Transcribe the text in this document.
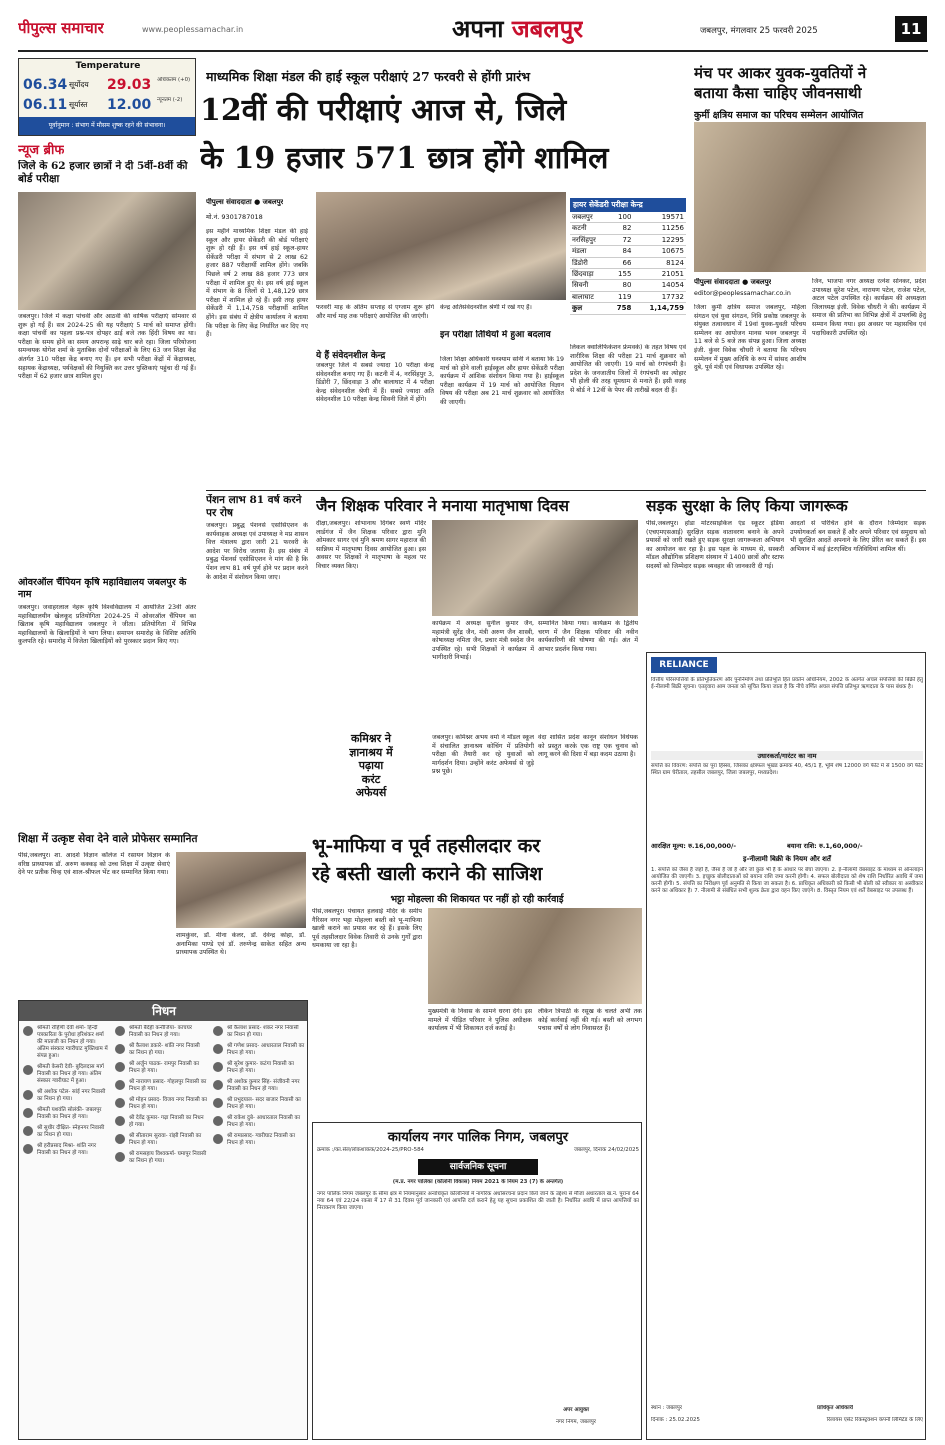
पीपुल्स समाचार	www.peoplessamachar.in	अपना जबलपुर	जबलपुर, मंगलवार 25 फरवरी 2025	11
Temperature
06.34 सूर्योदय 29.03 अधिकतम (+0)
06.11 सूर्यास्त 12.00 न्यूनतम (-2)
पूर्वानुमान : संभाग में मौसम शुष्क रहने की संभावना।
न्यूज ब्रीफ
जिले के 62 हजार छात्रों ने दी 5वीं-8वीं की बोर्ड परीक्षा
जबलपुर। जिले में कक्षा पांचवीं और आठवीं की वार्षिक परीक्षाएं सोमवार से शुरू हो गईं हैं। सत्र 2024-25 की यह परीक्षाएं 5 मार्च को समाप्त होंगी। कक्षा पांचवीं का पहला प्रश्न-पत्र दोपहर ढाई बजे तक हिंदी विषय का था। परीक्षा के समय होने का समय अपरान्ह साढ़े चार बजे रहा। जिला परियोजना समन्वयक योगेश शर्मा के मुताबिक दोनों परीक्षाओं के लिए 63 जन शिक्षा केंद्र अंतर्गत 310 परीक्षा केंद्र बनाए गए हैं। इन सभी परीक्षा केंद्रों में केंद्राध्यक्ष, सहायक केंद्राध्यक्ष, पर्यवेक्षकों की नियुक्ति कर उत्तर पुस्तिकाएं पहुंचा दी गई हैं। परीक्षा में 62 हजार छात्र शामिल हुए।
ओवरऑल चैंपियन कृषि महाविद्यालय जबलपुर के नाम
जबलपुर। जवाहरलाल नेहरू कृषि विश्वविद्यालय में आयोजित 23वीं अंतर महाविद्यालयीन खेलकूद प्रतियोगिता 2024-25 में ओवरऑल चैंपियन का खिताब कृषि महाविद्यालय जबलपुर ने जीता। प्रतियोगिता में विभिन्न महाविद्यालयों के खिलाड़ियों ने भाग लिया। समापन समारोह के विशिष्ट अतिथि कुलपति रहे। समारोह में विजेता खिलाड़ियों को पुरस्कार प्रदान किए गए।
माध्यमिक शिक्षा मंडल की हाई स्कूल परीक्षाएं 27 फरवरी से होंगी प्रारंभ
12वीं की परीक्षाएं आज से, जिले
के 19 हजार 571 छात्र होंगे शामिल
पीपुल्स संवाददाता ● जबलपुर
मो.नं. 9301787018
इस महीने माध्यमिक शिक्षा मंडल की हाई स्कूल और हायर सेकेंडरी की बोर्ड परीक्षाएं शुरू हो रही हैं। इस वर्ष हाई स्कूल-हायर सेकेंडरी परीक्षा में संभाग से 2 लाख 62 हजार 887 परीक्षार्थी शामिल होंगे। जबकि पिछले वर्ष 2 लाख 88 हजार 773 छात्र परीक्षा में शामिल हुए थे। इस वर्ष हाई स्कूल में संभाग के 8 जिलों से 1,48,129 छात्र परीक्षा में शामिल हो रहे हैं। इसी तरह हायर सेकेंडरी में 1,14,758 परीक्षार्थी शामिल होंगे। इस संबंध में क्षेत्रीय कार्यालय ने बताया कि परीक्षा के लिए केंद्र निर्धारित कर दिए गए हैं।
फरवरी माह के अंतिम सप्ताह से एग्जाम शुरू होंगे और मार्च माह तक परीक्षाएं आयोजित की जाएंगी।
ये हैं संवेदनशील केन्द्र
जबलपुर जिले में सबसे ज्यादा 10 परीक्षा केन्द्र संवेदनशील बनाए गए हैं। कटनी में 4, नरसिंहपुर 3, डिंडोरी 7, छिंदवाड़ा 3 और बालाघाट में 4 परीक्षा केन्द्र संवेदनशील श्रेणी में हैं। सबसे ज्यादा अति संवेदनशील 10 परीक्षा केन्द्र सिवनी जिले में होंगे।
केन्द्र अतिसंवेदनशील श्रेणी में रखे गए हैं।
इन परीक्षा तिथियों में हुआ बदलाव
जिला शिक्षा अधिकारी घनश्याम सोनी ने बताया कि 19 मार्च को होने वाली हाईस्कूल और हायर सेकेंडरी परीक्षा कार्यक्रम में आंशिक संशोधन किया गया है। हाईस्कूल परीक्षा कार्यक्रम में 19 मार्च को आयोजित विज्ञान विषय की परीक्षा अब 21 मार्च शुक्रवार को आयोजित की जाएगी।
पेंशन लाभ 81 वर्ष करने पर रोष
जबलपुर। प्रबुद्ध पेंशनर्स एसोसिएशन के कार्यवाहक अध्यक्ष एवं उपाध्यक्ष ने मप्र शासन वित्त मंत्रालय द्वारा जारी 21 फरवरी के आदेश पर विरोध जताया है। इस संबंध में प्रबुद्ध पेंशनर्स एसोसिएशन ने मांग की है कि पेंशन लाभ 81 वर्ष पूर्ण होने पर प्रदान करने के आदेश में संशोधन किया जाए।
हायर सेकेंडरी परीक्षा केन्द्र
जबलपुर	100	19571
कटनी	82	11256
नरसिंहपुर	72	12295
मंडला	84	10675
डिंडोरी	66	8124
छिंदवाड़ा	155	21051
सिवनी	80	14054
बालाघाट	119	17732
कुल	758	1,14,759
लिंकल क्वालिफिकेशन फ्रेमवर्क) के तहत विषय एवं शारीरिक शिक्षा की परीक्षा 21 मार्च शुक्रवार को आयोजित की जाएगी। 19 मार्च को रंगपंचमी है। प्रदेश के जनजातीय जिलों में रंगपंचमी का त्योहार भी होली की तरह धूमधाम से मनाते हैं। इसी वजह से बोर्ड ने 12वीं के पेपर की तारीखें बदल दी हैं।
मंच पर आकर युवक-युवतियों ने
बताया कैसा चाहिए जीवनसाथी
कुर्मी क्षत्रिय समाज का परिचय सम्मेलन आयोजित
पीपुल्स संवाददाता ● जबलपुर
editor@peoplessamachar.co.in
जिला कुर्मी क्षत्रिय समाज जबलपुर, महिला संगठन एवं युवा संगठन, निवि प्रकोष्ठ जबलपुर के संयुक्त तत्वावधान में 19वां युवक-युवती परिचय सम्मेलन का आयोजन मानस भवन जबलपुर में 11 बजे से 5 बजे तक संपन्न हुआ। जिला अध्यक्ष इंजी. कुंवर विवेक चौधरी ने बताया कि परिचय सम्मेलन में मुख्य अतिथि के रूप में सांसद आशीष दुबे, पूर्व मंत्री एवं विधायक उपस्थित रहे।
जिन, भाजपा नगर अध्यक्ष रत्नेश सोनकर, प्रदेश उपाध्यक्ष सुरेश पटेल, नारायण पटेल, राजेश पटेल, अटल पटेल उपस्थित रहे। कार्यक्रम की अध्यक्षता जिलाध्यक्ष इंजी. विवेक चौधरी ने की। कार्यक्रम में समाज की प्रतिभा का विभिन्न क्षेत्रों में उपलब्धि हेतु सम्मान किया गया। इस अवसर पर महासचिव एवं पदाधिकारी उपस्थित रहे।
जैन शिक्षक परिवार ने मनाया मातृभाषा दिवस
दीक्षा,जबलपुर। शोभानाथ दिगंबर स्वर्ण मंदिर लार्डगंज में जैन शिक्षक परिवार द्वारा मुनि ओमकार सागर एवं मुनि श्रमण सागर महाराज की सान्निध्य में मातृभाषा दिवस आयोजित हुआ। इस अवसर पर शिक्षकों ने मातृभाषा के महत्व पर विचार व्यक्त किए।
कार्यक्रम में अध्यक्ष सुनील कुमार जैन, महामंत्री सुरेंद्र जैन, मंत्री अरुण जैन शास्त्री, कोषाध्यक्ष नमिता जैन, प्रचार मंत्री स्वदेश जैन उपस्थित रहे। सभी शिक्षकों ने कार्यक्रम में भागीदारी निभाई।
सम्मानित किया गया। कार्यक्रम के द्वितीय चरण में जैन शिक्षक परिवार की नवीन कार्यकारिणी की घोषणा की गई। अंत में आभार प्रदर्शन किया गया।
कमिश्नर ने
ज्ञानाश्रय में
पढ़ाया
करंट
अफेयर्स
जबलपुर। कमिश्नर अभय वर्मा ने मॉडल स्कूल में संचालित ज्ञानाश्रय कोचिंग में प्रतियोगी परीक्षा की तैयारी कर रहे युवाओं को मार्गदर्शन दिया। उन्होंने करंट अफेयर्स से जुड़े प्रश्न पूछे।
वेदा शासित प्रदेश कानून संशोधन विधेयक को प्रस्तुत करके एक राष्ट्र एक चुनाव को लागू करने की दिशा में बड़ा कदम उठाया है।
सड़क सुरक्षा के लिए किया जागरूक
पीसं,जबलपुर। होंडा मोटरसाइकिल एंड स्कूटर इंडिया (एचएमएसआई) सुरक्षित सड़क वातावरण बनाने के अपने प्रयासों को जारी रखते हुए सड़क सुरक्षा जागरूकता अभियान का आयोजन कर रहा है। इस पहल के माध्यम से, सस्करी मॉडल औद्योगिक प्रशिक्षण संस्थान में 1400 छात्रों और स्टाफ सदस्यों को जिम्मेदार सड़क व्यवहार की जानकारी दी गई।
आदतों से परिचित होने के दौरान जिम्मेदार सड़क उपयोगकर्ता बन सकते हैं और अपने परिवार एवं समुदाय को भी सुरक्षित आदतें अपनाने के लिए प्रेरित कर सकते हैं। इस अभियान में कई इंटरएक्टिव गतिविधियां शामिल थीं।
RELIANCE
वित्तीय परिसंपत्तियों के प्रतिभूतिकरण और पुनर्निर्माण तथा प्रतिभूति हित प्रवर्तन अधिनियम, 2002 के अंतर्गत अचल संपत्तियों की बिक्री हेतु ई-नीलामी बिक्री सूचना। एतद्द्वारा आम जनता को सूचित किया जाता है कि नीचे वर्णित अचल संपत्ति प्रतिभूत ऋणदाता के पास बंधक है।
उधारकर्ता/गारंटर का नाम
संपत्ति का विवरण: संपत्ति का पूरा हिस्सा, जिसका क्षेत्रफल भूखंड क्रमांक 40, 45/1 हैं, भूमि शेष 12000 वर्ग फीट में से 1500 वर्ग फीट स्थित ग्राम चेरीताल, तहसील जबलपुर, जिला जबलपुर, मध्यप्रदेश।
आरक्षित मूल्य: रु.16,00,000/-	बयाना राशि: रु.1,60,000/-
इ-नीलामी बिक्री के नियम और शर्तें
1. संपत्ति को जैसा है जहाँ है, जैसा है जो है और जो कुछ भी है के आधार पर बेचा जाएगा। 2. ई-नीलामी वेबसाइट के माध्यम से ऑनलाइन आयोजित की जाएगी। 3. इच्छुक बोलीदाताओं को बयाना राशि जमा करनी होगी। 4. सफल बोलीदाता को शेष राशि निर्धारित अवधि में जमा करनी होगी। 5. संपत्ति का निरीक्षण पूर्व अनुमति से किया जा सकता है। 6. प्राधिकृत अधिकारी को किसी भी बोली को स्वीकार या अस्वीकार करने का अधिकार है। 7. नीलामी से संबंधित सभी शुल्क क्रेता द्वारा वहन किए जाएंगे। 8. विस्तृत नियम एवं शर्तें वेबसाइट पर उपलब्ध हैं।
स्थान : जबलपुर
दिनांक : 25.02.2025
प्राधिकृत अधिकारी
रिलायंस एसेट रिकंस्ट्रक्शन कंपनी लिमिटेड के लिए
शिक्षा में उत्कृष्ट सेवा देने वाले प्रोफेसर सम्मानित
पीसं,जबलपुर। शा. आदर्श विज्ञान कॉलेज में रसायन विज्ञान के वरिष्ठ प्राध्यापक डॉ. अरुण कक्कड़ को उच्च शिक्षा में उत्कृष्ट सेवाएं देने पर प्रतीक चिन्ह एवं शाल-श्रीफल भेंट कर सम्मानित किया गया।
शामकुंवर, डॉ. मीना केलर, डॉ. देवेन्द्र कोहा, डॉ. अनामिका पाण्डे एवं डॉ. तरुणेन्द्र साकेत सहित अन्य प्राध्यापक उपस्थित थे।
भू-माफिया व पूर्व तहसीलदार कर
रहे बस्ती खाली कराने की साजिश
भट्टा मोहल्ला की शिकायत पर नहीं हो रही कार्रवाई
पीसं,जबलपुर। पंचायत हलवाई मंदिर के समीप गैरिसन नगर भट्टा मोहल्ला बस्ती को भू-माफिया खाली कराने का प्रयास कर रहे हैं। इसके लिए पूर्व तहसीलदार विवेक तिवारी से उनके गुर्गों द्वारा धमकाया जा रहा है।
मुख्यमंत्री के निवास के सामने धरना देंगे। इस मामले में पीड़ित परिवार ने पुलिस अधीक्षक कार्यालय में भी शिकायत दर्ज कराई है।
लेकिन त्रिपाठी के रसूख के चलते अभी तक कोई कार्रवाई नहीं की गई। बस्ती को लगभग पचास वर्षों से लोग निवासरत हैं।
निधन
श्रीमती रोहिणी देवी शर्मा- हिन्दी पत्रकारिता के पुरोधा हरिशंकर शर्मा की माताजी का निधन हो गया। अंतिम संस्कार ग्वारीघाट मुक्तिधाम में संपन्न हुआ।
श्रीमती केसरी देवी- बुदिलदास मार्ग निवासी का निधन हो गया। अंतिम संस्कार ग्वारीघाट में हुआ।
श्री अशोक पटेल- सांई नगर निवासी का निधन हो गया।
श्रीमती यशवंति सोलंकी- जबलपुर निवासी का निधन हो गया।
श्री सुधीर दीक्षित- स्नेहनगर निवासी का निधन हो गया।
श्री हरीप्रसाद मिश्रा- शांति नगर निवासी का निधन हो गया।
श्रीमती बैदेही कनौजिया- कांचघर निवासी का निधन हो गया।
श्री कैलाश डकारे- शांति नगर निवासी का निधन हो गया।
श्री अर्जुन पाठक- रामपुर निवासी का निधन हो गया।
श्री नारायण प्रसाद- गोहलपुर निवासी का निधन हो गया।
श्री मोहन प्रसाद- विजय नगर निवासी का निधन हो गया।
श्री देवेंद्र कुमार- गढ़ा निवासी का निधन हो गया।
श्री सीताराम सुरावा- रांझी निवासी का निधन हो गया।
श्री रामसहाय विश्वकर्मा- घमापुर निवासी का निधन हो गया।
श्री कैलाश प्रसाद- शंकर नगर निवासी का निधन हो गया।
श्री गणेश प्रसाद- आधारताल निवासी का निधन हो गया।
श्री सुरेश कुमार- कटंगा निवासी का निधन हो गया।
श्री अशोक कुमार सिंह- संजीवनी नगर निवासी का निधन हो गया।
श्री प्रभुदयाल- सदर बाजार निवासी का निधन हो गया।
श्री राकेश दुबे- आधारताल निवासी का निधन हो गया।
श्री रामप्रसाद- ग्वारीघाट निवासी का निधन हो गया।	कार्यालय नगर पालिक निगम, जबलपुर
क्रमांक :/का.सेल/लोकशाकंक/2024-25/PRO-584	जबलपुर, दिनांक 24/02/2025
सार्वजनिक सूचना
(म.प्र. नगर पालिका (कॉलोनी विकास) नियम 2021 के नियम 23 (7) के अन्तर्गत)
नगर पालिक निगम जबलपुर के सीमा क्षेत्र में नियमानुसार अनाधिकृत कॉलोनियों में नागरिक अधोसंरचना प्रदान किये जाने के उद्देश्य से मौजा अधारताल ख.नं. पुराना 64 नया 64 एवं 22/24 रकबा में 17 से 31 दिवस पूर्व जानकारी एवं आपत्ति दर्ज कराने हेतु यह सूचना प्रकाशित की जाती है। निर्धारित अवधि में प्राप्त आपत्तियों का निराकरण किया जाएगा।
अपर आयुक्त
नगर निगम, जबलपुर
